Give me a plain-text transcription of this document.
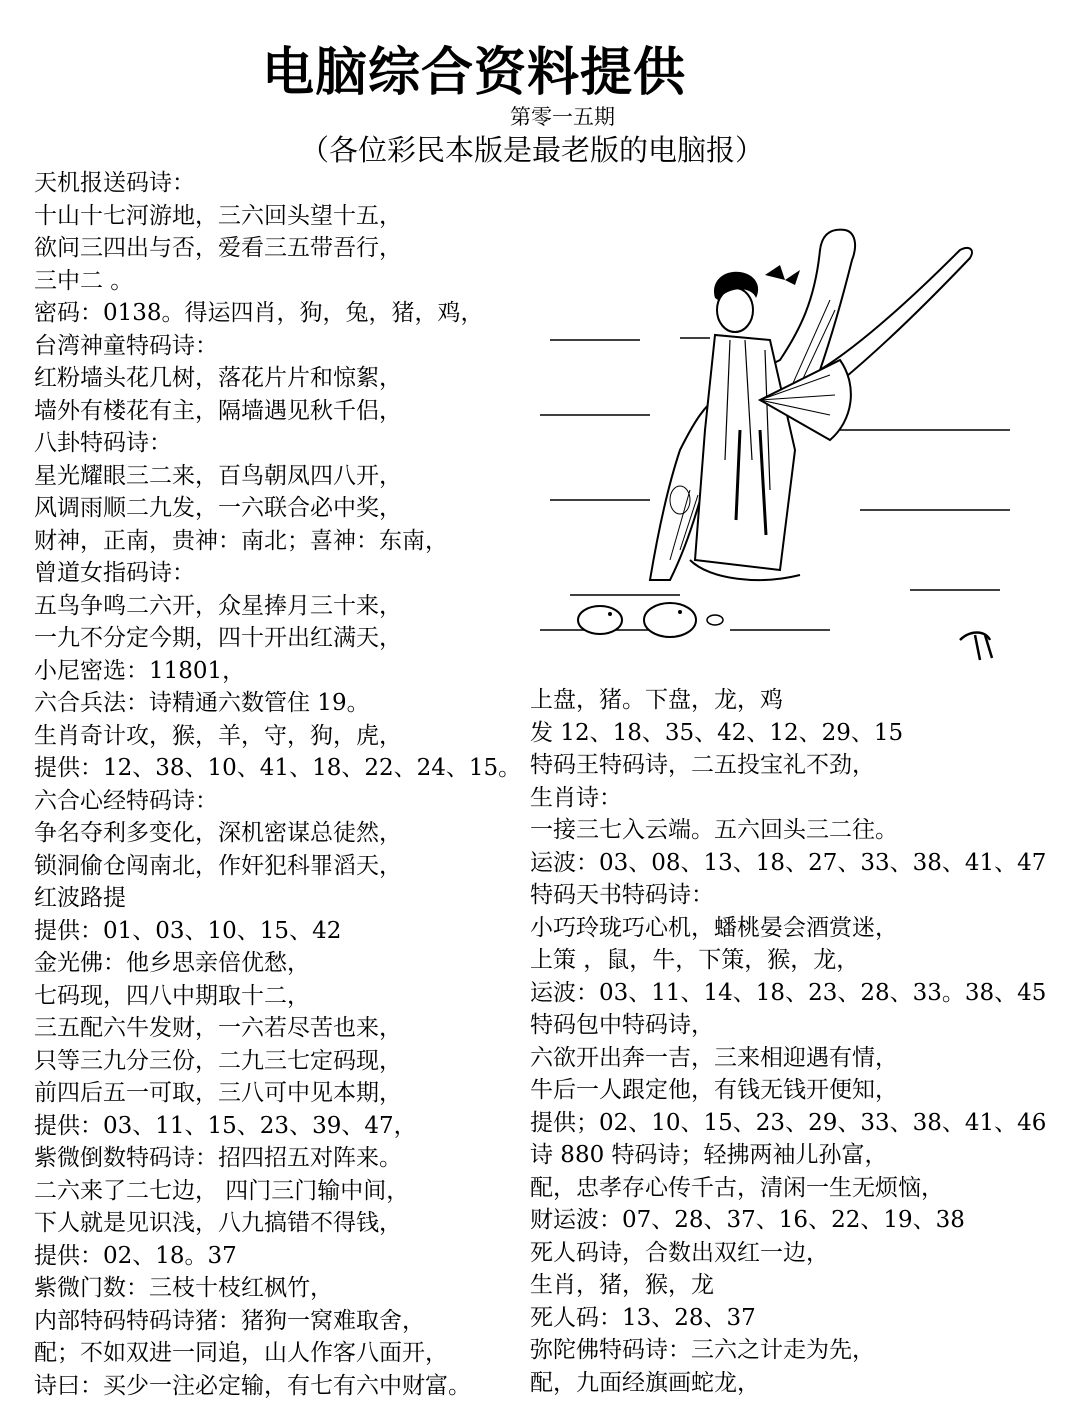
电脑综合资料提供
第零一五期
（各位彩民本版是最老版的电脑报）
天机报送码诗：
十山十七河游地，三六回头望十五，
欲问三四出与否，爱看三五带吾行，
三中二 。
密码：0138。得运四肖，狗，兔，猪，鸡，
台湾神童特码诗：
红粉墙头花几树，落花片片和惊絮，
墙外有楼花有主，隔墙遇见秋千侣，
八卦特码诗：
星光耀眼三二来，百鸟朝凤四八开，
风调雨顺二九发，一六联合必中奖，
财神，正南，贵神：南北；喜神：东南，
曾道女指码诗：
五鸟争鸣二六开，众星捧月三十来，
一九不分定今期，四十开出红满天，
小尼密选：11801，
六合兵法：诗精通六数管住 19。
生肖奇计攻，猴，羊，守，狗，虎，
提供：12、38、10、41、18、22、24、15。
六合心经特码诗：
争名夺利多变化，深机密谋总徒然，
锁洞偷仓闯南北，作奸犯科罪滔天，
红波路提
提供：01、03、10、15、42
金光佛：他乡思亲倍优愁，
七码现，四八中期取十二，
三五配六牛发财，一六若尽苦也来，
只等三九分三份，二九三七定码现，
前四后五一可取，三八可中见本期，
提供：03、11、15、23、39、47，
紫微倒数特码诗：招四招五对阵来。
二六来了二七边， 四门三门输中间，
下人就是见识浅，八九搞错不得钱，
提供：02、18。37
紫微门数：三枝十枝红枫竹，
内部特码特码诗猪：猪狗一窝难取舍，
配；不如双进一同追，山人作客八面开，
诗曰：买少一注必定输，有七有六中财富。
上盘，猪。下盘，龙，鸡
发 12、18、35、42、12、29、15
特码王特码诗，二五投宝礼不劲，
生肖诗：
一接三七入云端。五六回头三二往。
运波：03、08、13、18、27、33、38、41、47
特码天书特码诗：
小巧玲珑巧心机，蟠桃晏会酒赏迷，
上策 ，鼠，牛，下策，猴，龙，
运波：03、11、14、18、23、28、33。38、45
特码包中特码诗，
六欲开出奔一吉，三来相迎遇有情，
牛后一人跟定他，有钱无钱开便知，
提供；02、10、15、23、29、33、38、41、46
诗 880 特码诗；轻拂两袖儿孙富，
配，忠孝存心传千古，清闲一生无烦恼，
财运波：07、28、37、16、22、19、38
死人码诗，合数出双红一边，
生肖，猪，猴，龙
死人码：13、28、37
弥陀佛特码诗：三六之计走为先，
配，九面经旗画蛇龙，
